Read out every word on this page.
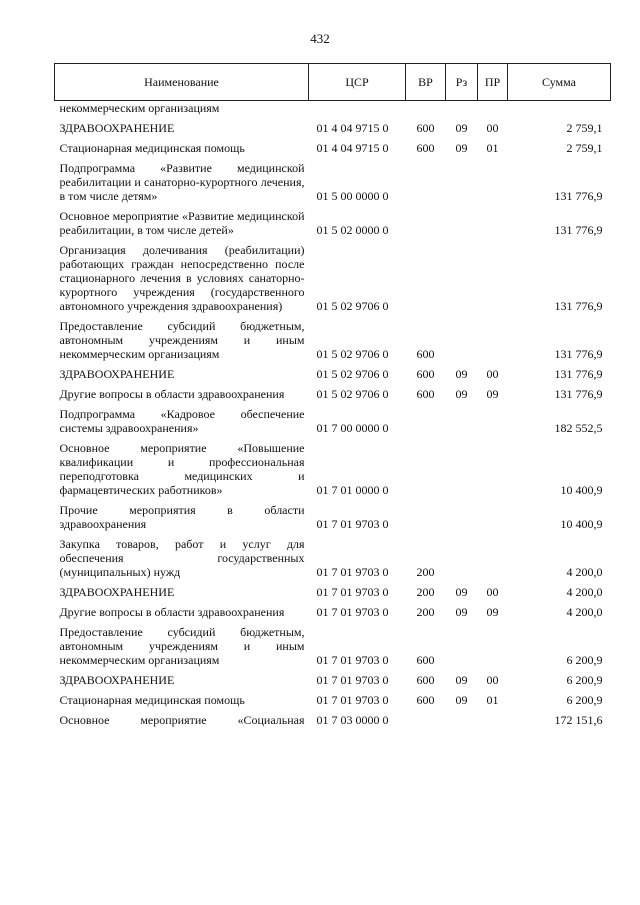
432
Наименование	ЦСР	ВР	Рз	ПР	Сумма
некоммерческим организациям					
ЗДРАВООХРАНЕНИЕ	01 4 04 9715 0	600	09	00	2 759,1
Стационарная медицинская помощь	01 4 04 9715 0	600	09	01	2 759,1
Подпрограмма «Развитие медицинской реабилитации и санаторно-курортного лечения, в том числе детям»	01 5 00 0000 0				131 776,9
Основное мероприятие «Развитие медицинской реабилитации, в том числе детей»	01 5 02 0000 0				131 776,9
Организация долечивания (реабилитации) работающих граждан непосредственно после стационарного лечения в условиях санаторно-курортного учреждения (государственного автономного учреждения здравоохранения)	01 5 02 9706 0				131 776,9
Предоставление субсидий бюджетным, автономным учреждениям и иным некоммерческим организациям	01 5 02 9706 0	600			131 776,9
ЗДРАВООХРАНЕНИЕ	01 5 02 9706 0	600	09	00	131 776,9
Другие вопросы в области здравоохранения	01 5 02 9706 0	600	09	09	131 776,9
Подпрограмма «Кадровое обеспечение системы здравоохранения»	01 7 00 0000 0				182 552,5
Основное мероприятие «Повышение квалификации и профессиональная переподготовка медицинских и фармацевтических работников»	01 7 01 0000 0				10 400,9
Прочие мероприятия в области здравоохранения	01 7 01 9703 0				10 400,9
Закупка товаров, работ и услуг для обеспечения государственных (муниципальных) нужд	01 7 01 9703 0	200			4 200,0
ЗДРАВООХРАНЕНИЕ	01 7 01 9703 0	200	09	00	4 200,0
Другие вопросы в области здравоохранения	01 7 01 9703 0	200	09	09	4 200,0
Предоставление субсидий бюджетным, автономным учреждениям и иным некоммерческим организациям	01 7 01 9703 0	600			6 200,9
ЗДРАВООХРАНЕНИЕ	01 7 01 9703 0	600	09	00	6 200,9
Стационарная медицинская помощь	01 7 01 9703 0	600	09	01	6 200,9
Основное мероприятие «Социальная	01 7 03 0000 0				172 151,6
